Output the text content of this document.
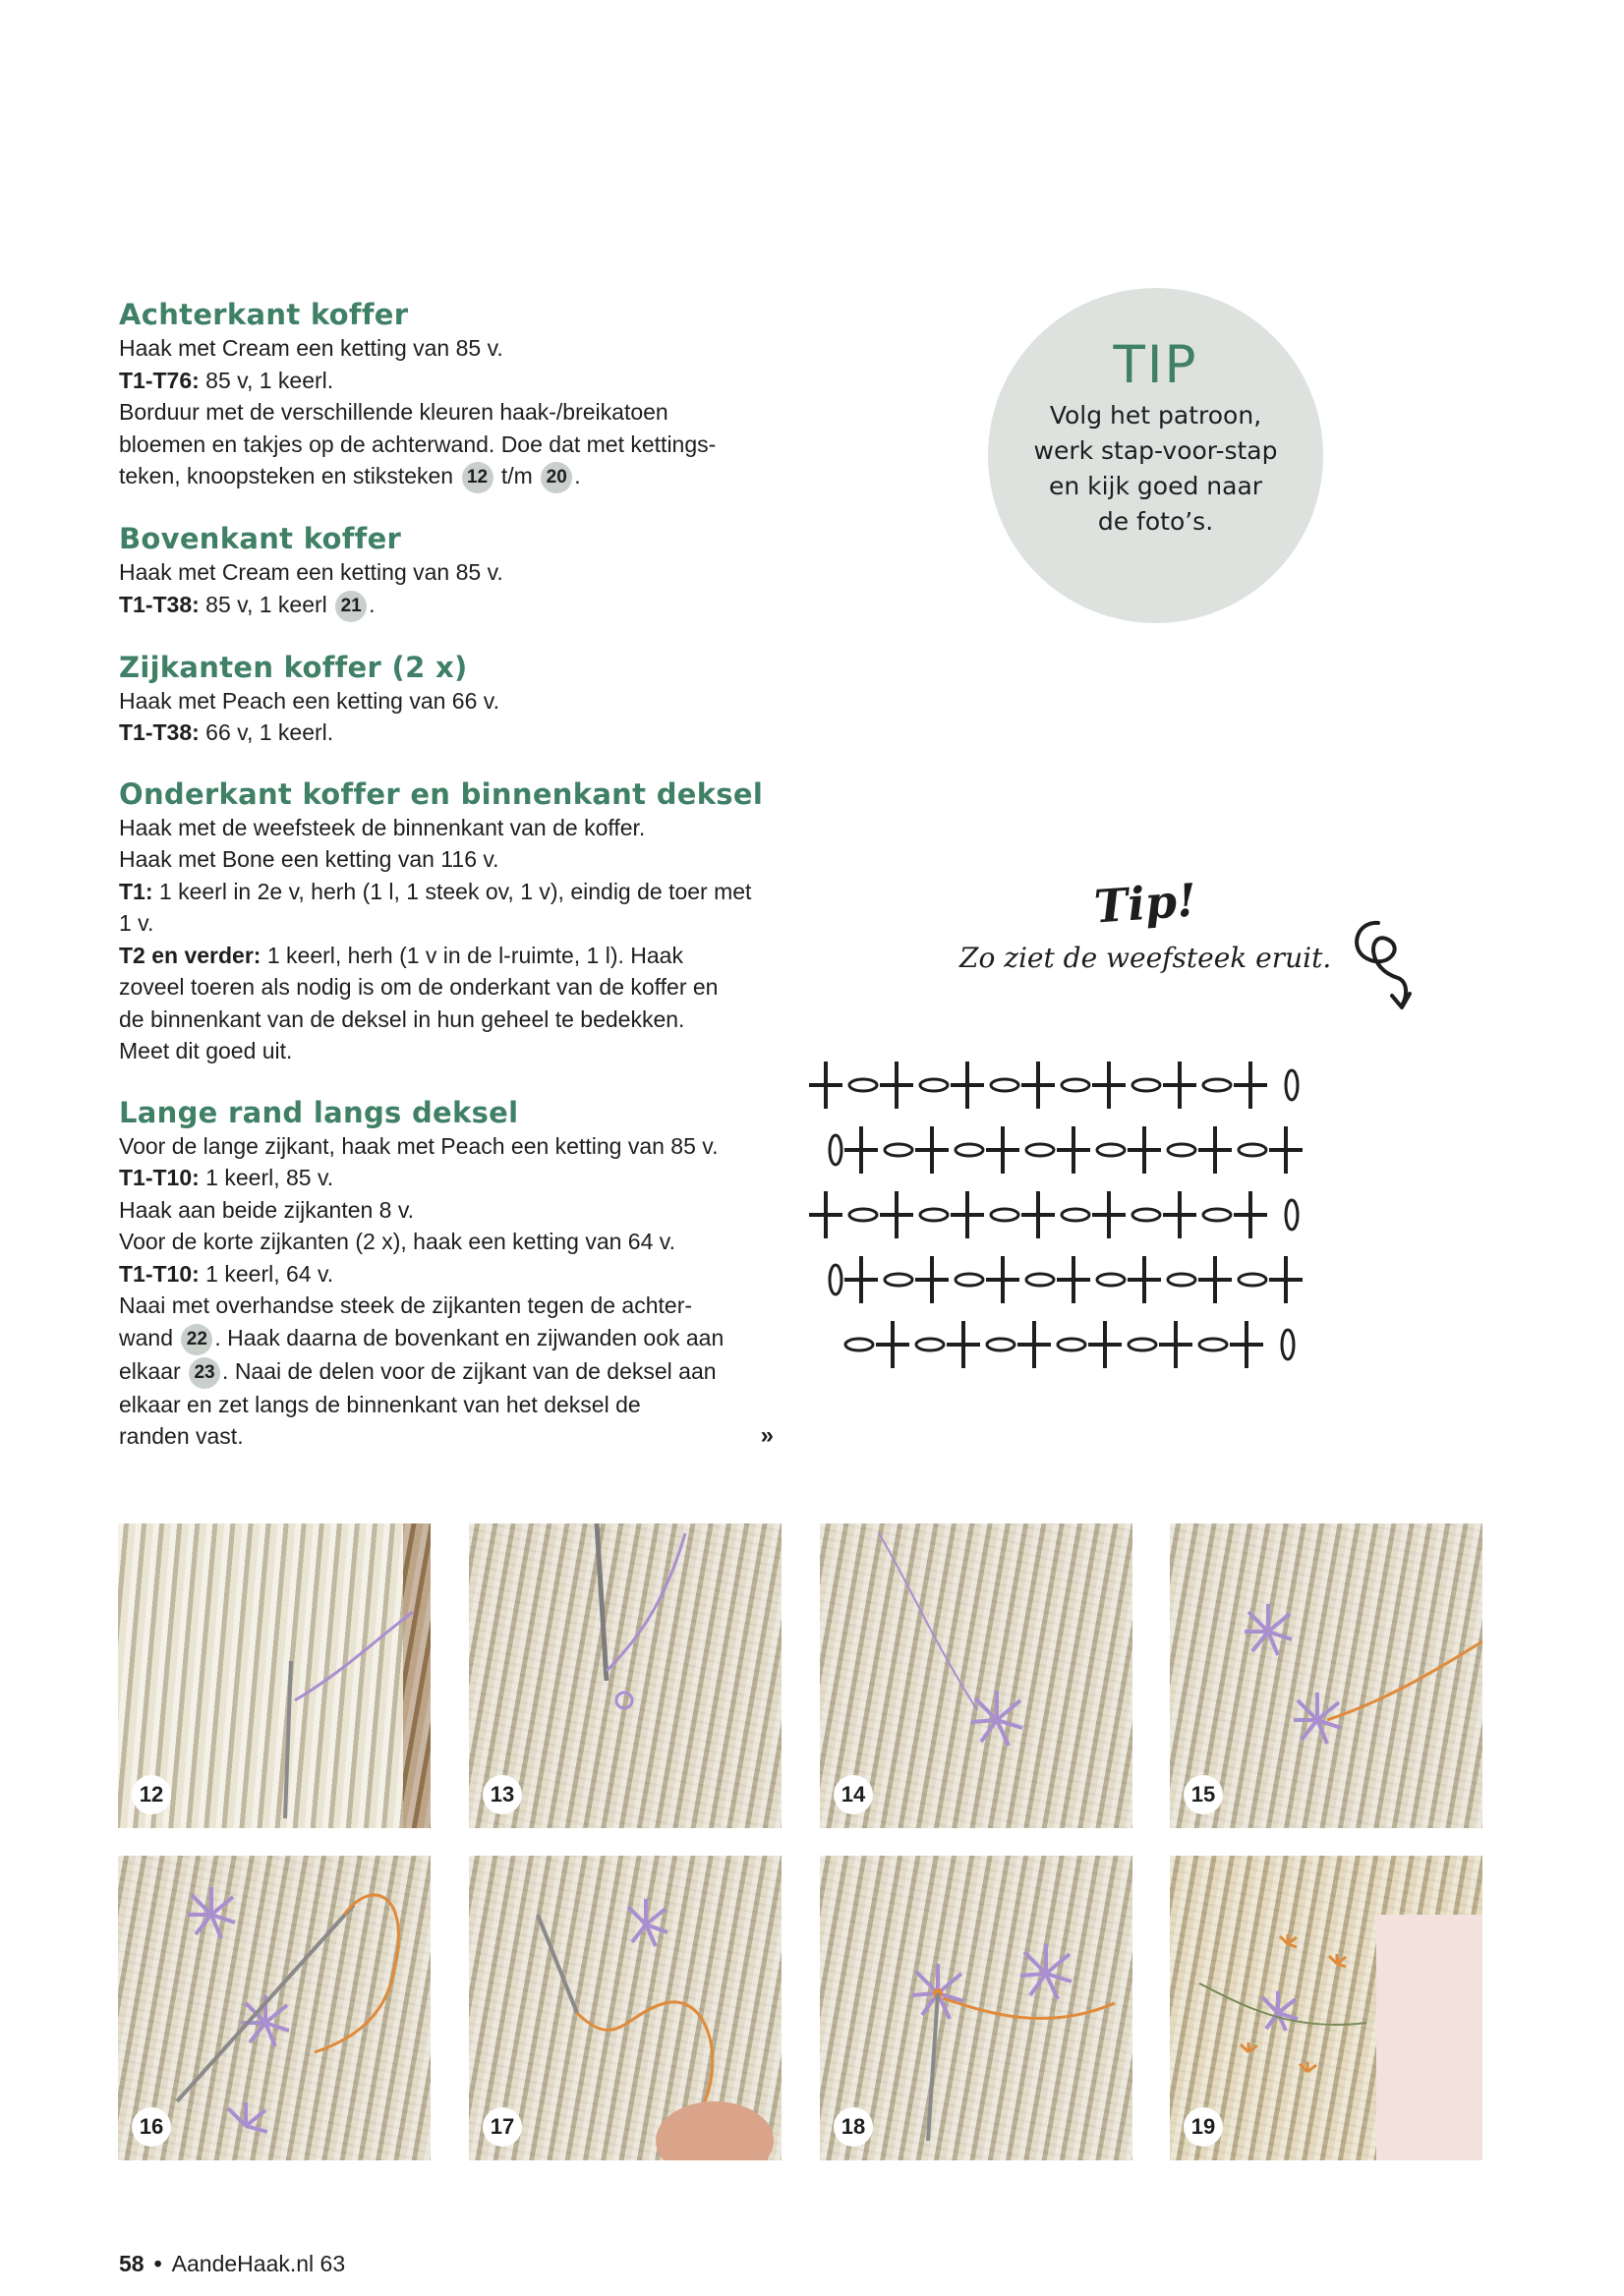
Achterkant koffer

Haak met Cream een ketting van 85 v.

T1-T76: 85 v, 1 keerl.

Borduur met de verschillende kleuren haak-/breikatoen

bloemen en takjes op de achterwand. Doe dat met kettings-

teken, knoopsteken en stiksteken 12 t/m 20 .

Bovenkant koffer

Haak met Cream een ketting van 85 v.

T1-T38: 85 v, 1 keerl 21 .

Zijkanten koffer (2 x)

Haak met Peach een ketting van 66 v.

T1-T38: 66 v, 1 keerl.

Onderkant koffer en binnenkant deksel

Haak met de weefsteek de binnenkant van de koffer.

Haak met Bone een ketting van 116 v.

T1: 1 keerl in 2e v, herh (1 l, 1 steek ov, 1 v), eindig de toer met

1 v.

T2 en verder: 1 keerl, herh (1 v in de l-ruimte, 1 l). Haak

zoveel toeren als nodig is om de onderkant van de koffer en

de binnenkant van de deksel in hun geheel te bedekken.

Meet dit goed uit.

Lange rand langs deksel

Voor de lange zijkant, haak met Peach een ketting van 85 v.

T1-T10: 1 keerl, 85 v.

Haak aan beide zijkanten 8 v.

Voor de korte zijkanten (2 x), haak een ketting van 64 v.

T1-T10: 1 keerl, 64 v.

Naai met overhandse steek de zijkanten tegen de achter-

wand 22 . Haak daarna de bovenkant en zijwanden ook aan

elkaar 23 . Naai de delen voor de zijkant van de deksel aan

elkaar en zet langs de binnenkant van het deksel de

randen vast.	»

TIP
Volg het patroon,
werk stap-voor-stap
en kijk goed naar
de foto’s.
Tip!
Zo ziet de weefsteek eruit.
12	13	14	15
16	17	18	19
58 • AandeHaak.nl 63
